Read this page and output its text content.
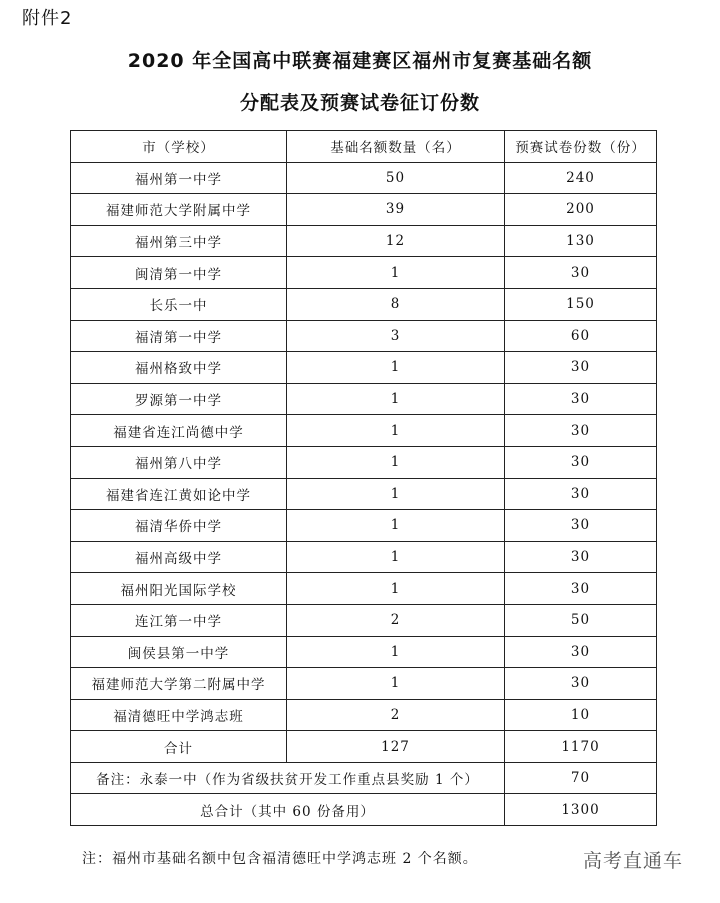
附件2
2020 年全国高中联赛福建赛区福州市复赛基础名额
分配表及预赛试卷征订份数
市（学校）	基础名额数量（名）	预赛试卷份数（份）
福州第一中学	50	240
福建师范大学附属中学	39	200
福州第三中学	12	130
闽清第一中学	1	30
长乐一中	8	150
福清第一中学	3	60
福州格致中学	1	30
罗源第一中学	1	30
福建省连江尚德中学	1	30
福州第八中学	1	30
福建省连江黄如论中学	1	30
福清华侨中学	1	30
福州高级中学	1	30
福州阳光国际学校	1	30
连江第一中学	2	50
闽侯县第一中学	1	30
福建师范大学第二附属中学	1	30
福清德旺中学鸿志班	2	10
合计	127	1170
备注：永泰一中（作为省级扶贫开发工作重点县奖励 1 个）		70
总合计（其中 60 份备用）		1300
注：福州市基础名额中包含福清德旺中学鸿志班 2 个名额。	高考直通车
